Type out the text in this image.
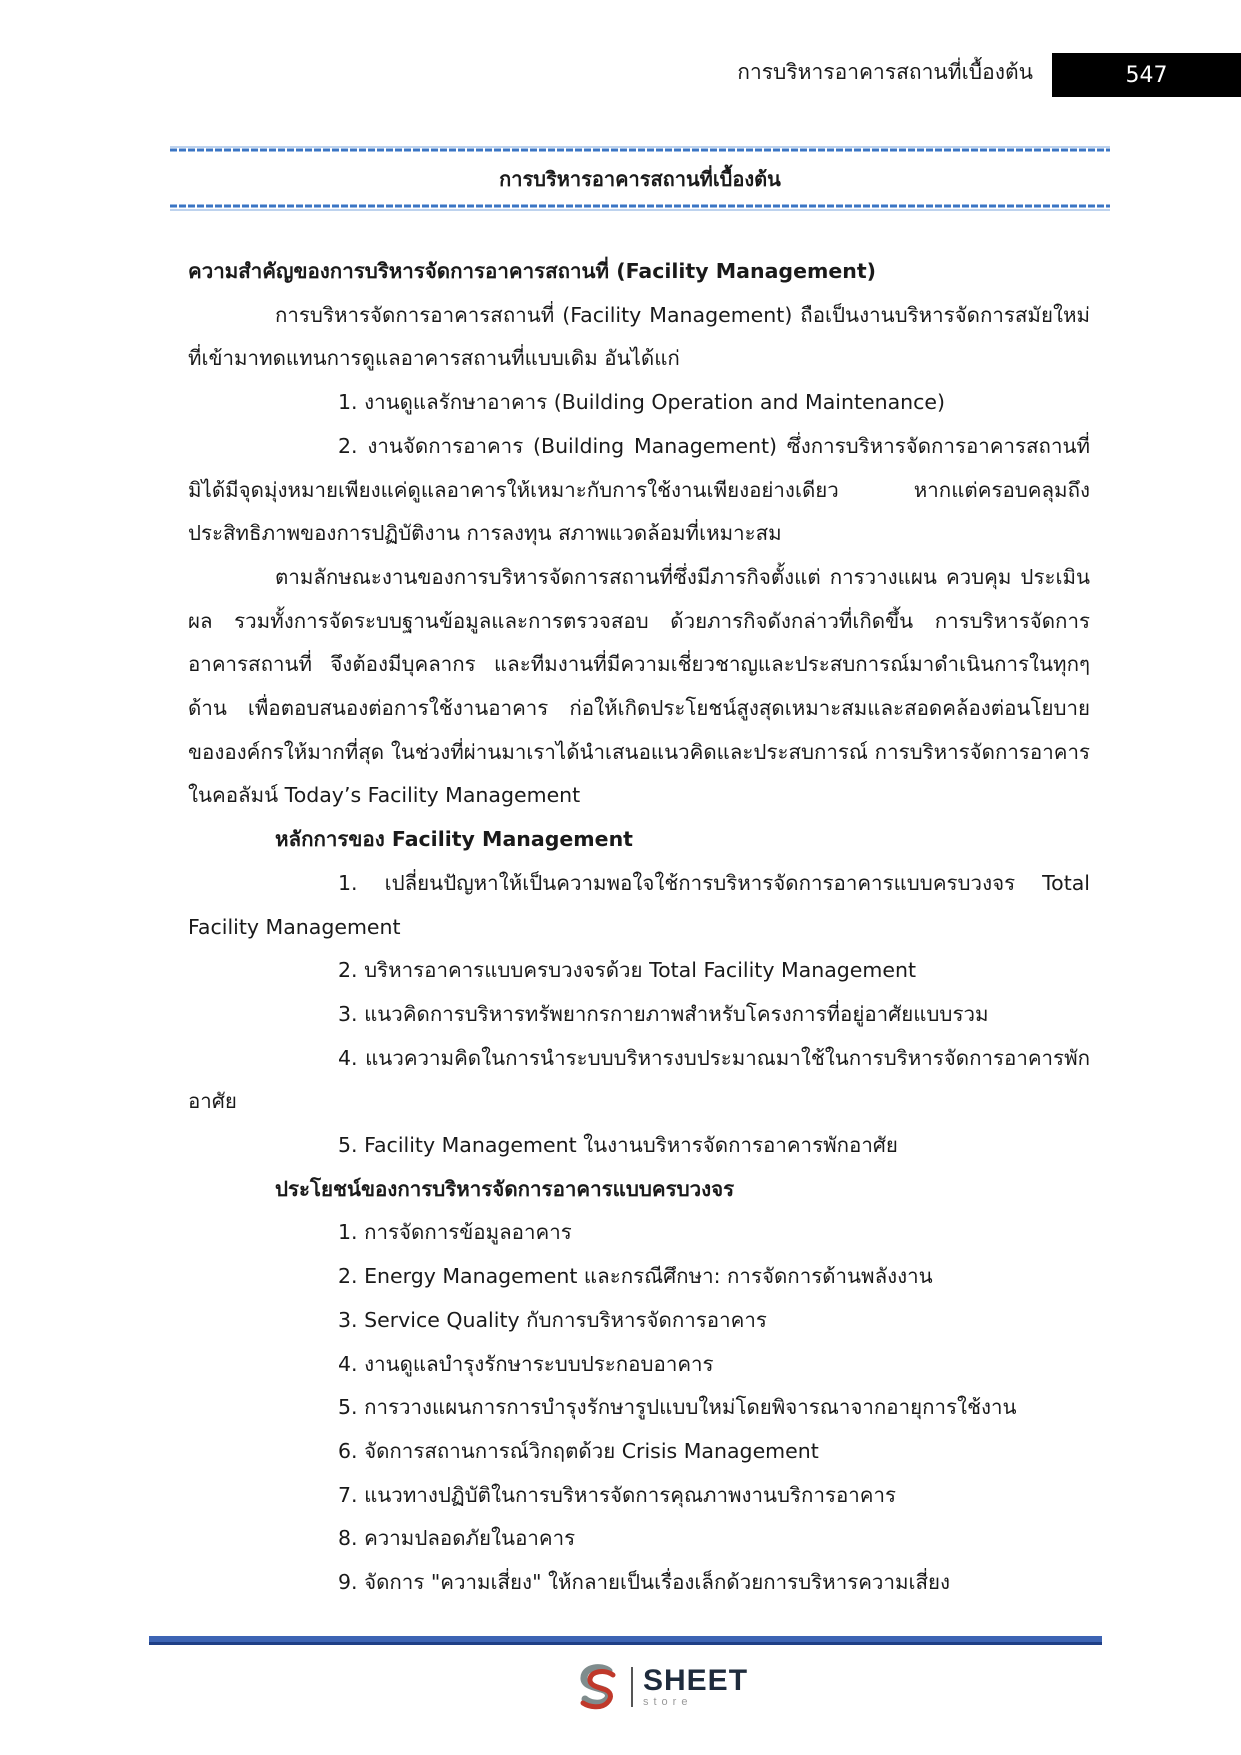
การบริหารอาคารสถานที่เบื้องต้น	547
การบริหารอาคารสถานที่เบื้องต้น

ความสำคัญของการบริหารจัดการอาคารสถานที่ (Facility Management)

การบริหารจัดการอาคารสถานที่ (Facility Management) ถือเป็นงานบริหารจัดการสมัยใหม่ที่เข้ามาทดแทนการดูแลอาคารสถานที่แบบเดิม อันได้แก่

1. งานดูแลรักษาอาคาร (Building Operation and Maintenance)

2. งานจัดการอาคาร (Building Management) ซึ่งการบริหารจัดการอาคารสถานที่มิได้มีจุดมุ่งหมายเพียงแค่ดูแลอาคารให้เหมาะกับการใช้งานเพียงอย่างเดียว หากแต่ครอบคลุมถึงประสิทธิภาพของการปฏิบัติงาน การลงทุน สภาพแวดล้อมที่เหมาะสม

ตามลักษณะงานของการบริหารจัดการสถานที่ซึ่งมีภารกิจตั้งแต่ การวางแผน ควบคุม ประเมินผล รวมทั้งการจัดระบบฐานข้อมูลและการตรวจสอบ ด้วยภารกิจดังกล่าวที่เกิดขึ้น การบริหารจัดการอาคารสถานที่ จึงต้องมีบุคลากร และทีมงานที่มีความเชี่ยวชาญและประสบการณ์มาดำเนินการในทุกๆ ด้าน เพื่อตอบสนองต่อการใช้งานอาคาร ก่อให้เกิดประโยชน์สูงสุดเหมาะสมและสอดคล้องต่อนโยบายขององค์กรให้มากที่สุด ในช่วงที่ผ่านมาเราได้นำเสนอแนวคิดและประสบการณ์ การบริหารจัดการอาคารในคอลัมน์ Today’s Facility Management

หลักการของ Facility Management

1. เปลี่ยนปัญหาให้เป็นความพอใจใช้การบริหารจัดการอาคารแบบครบวงจร Total Facility Management

2. บริหารอาคารแบบครบวงจรด้วย Total Facility Management

3. แนวคิดการบริหารทรัพยากรกายภาพสำหรับโครงการที่อยู่อาศัยแบบรวม

4. แนวความคิดในการนำระบบบริหารงบประมาณมาใช้ในการบริหารจัดการอาคารพักอาศัย

5. Facility Management ในงานบริหารจัดการอาคารพักอาศัย

ประโยชน์ของการบริหารจัดการอาคารแบบครบวงจร

1. การจัดการข้อมูลอาคาร

2. Energy Management และกรณีศึกษา: การจัดการด้านพลังงาน

3. Service Quality กับการบริหารจัดการอาคาร

4. งานดูแลบำรุงรักษาระบบประกอบอาคาร

5. การวางแผนการการบำรุงรักษารูปแบบใหม่โดยพิจารณาจากอายุการใช้งาน

6. จัดการสถานการณ์วิกฤตด้วย Crisis Management

7. แนวทางปฏิบัติในการบริหารจัดการคุณภาพงานบริการอาคาร

8. ความปลอดภัยในอาคาร

9. จัดการ "ความเสี่ยง" ให้กลายเป็นเรื่องเล็กด้วยการบริหารความเสี่ยง

SHEET
store
